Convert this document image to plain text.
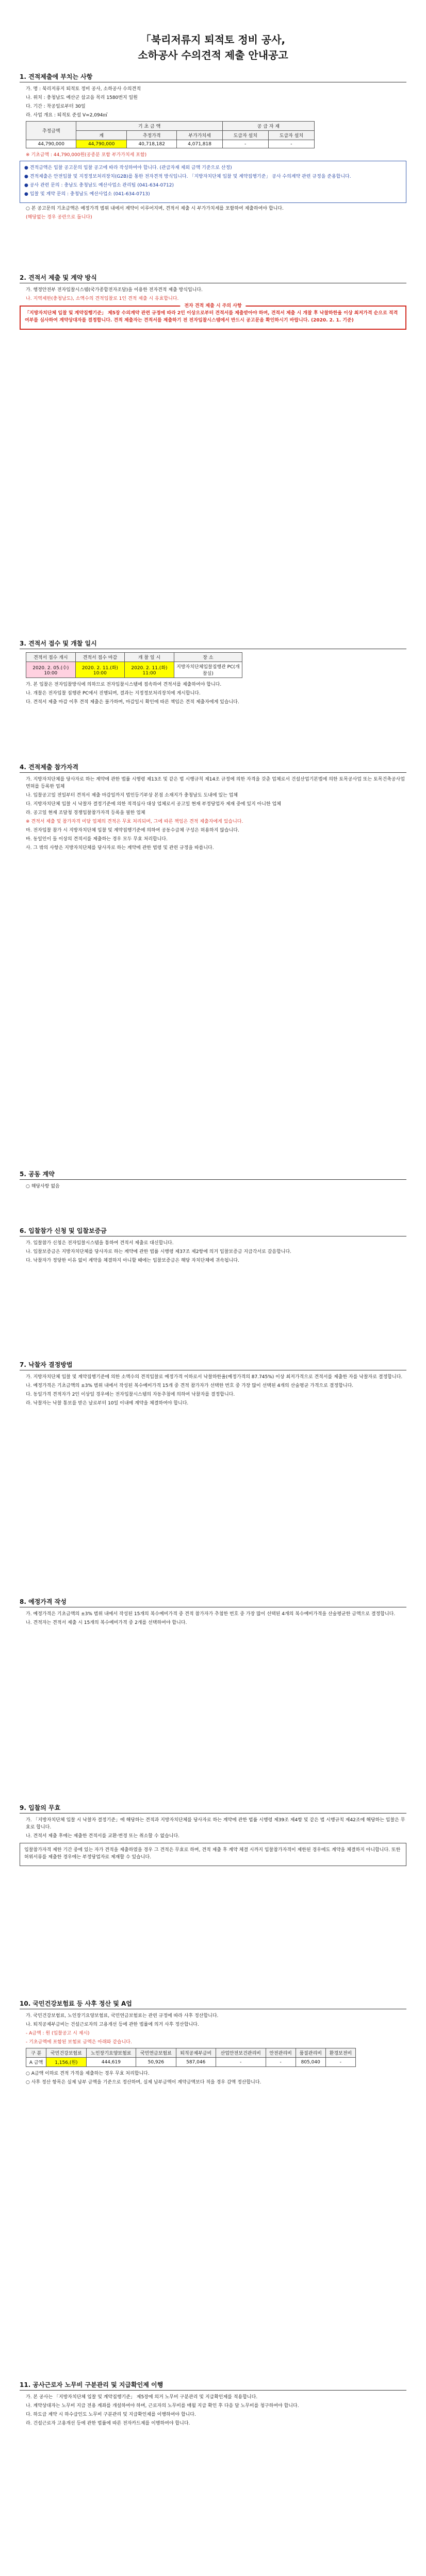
「북리저류지 퇴적토 정비 공사,
소하공사 수의견적 제출 안내공고
1. 견적제출에 부치는 사항
가. 명 : 북리저류지 퇴적토 정비 공사, 소하공사 수의견적
나. 위치 : 충청남도 예산군 삽교읍 목리 1580번지 일원
다. 기간 : 착공일로부터 30일
라. 사업 개요 : 퇴적토 준설 V=2,094㎥
추정금액	기 초 금 액			공 급 자 재	
	계	추정가격	부가가치세	도급자 설치	도급자 설치
44,790,000	44,790,000	40,718,182	4,071,818	-	-
※ 기초금액 : 44,790,000원(공종분 포함 부가가치세 포함)
● 견적금액은 입찰 공고문의 입찰 공고에 따라 작성하여야 합니다. (관급자재 제외 금액 기준으로 산정)
● 견적제출은 안전입찰 및 지정정보처리장치(G2B)를 통한 전자견적 방식입니다. 「지방자치단체 입찰 및 계약집행기준」 공사 수의계약 관련 규정을 준용합니다.
● 공사 관련 문의 : 충남도 충청남도 예산사업소 관리팀 (041-634-0712)
● 입찰 및 계약 문의 : 충청남도 예산사업소 (041-634-0713)
○ 본 공고문의 기초금액은 예정가격 범위 내에서 계약이 이루어지며, 견적서 제출 시 부가가치세를 포함하여 제출하여야 합니다.
(해당없는 경우 공란으로 둡니다)
2. 견적서 제출 및 계약 방식
가. 행정안전부 전자입찰시스템(국가종합전자조달)을 이용한 전자견적 제출 방식입니다.
나. 지역제한(충청남도), 소액수의 견적입찰로 1인 견적 제출 시 유효합니다.
전자 견적 제출 시 주의 사항
「지방자치단체 입찰 및 계약집행기준」 제5장 수의계약 관련 규정에 따라 2인 이상으로부터 견적서를 제출받아야 하며, 견적서 제출 시 개찰 후 낙찰하한율 이상 최저가격 순으로 적격 여부를 심사하여 계약상대자를 결정합니다. 견적 제출자는 견적서를 제출하기 전 전자입찰시스템에서 반드시 공고문을 확인하시기 바랍니다. (2020. 2. 1. 기준)
3. 견적서 접수 및 개찰 일시
견적서 접수 개시	견적서 접수 마감	개 찰 일 시	장 소
2020. 2. 05.(수) 10:00	2020. 2. 11.(화) 10:00	2020. 2. 11.(화) 11:00	지방자치단체입찰집행관 PC(개찰실)
가. 본 입찰은 전자입찰방식에 의하므로 전자입찰시스템에 접속하여 견적서를 제출하여야 합니다.
나. 개찰은 전자입찰 집행관 PC에서 진행되며, 결과는 지정정보처리장치에 게시합니다.
다. 견적서 제출 마감 이후 견적 제출은 불가하며, 마감일시 확인에 따른 책임은 견적 제출자에게 있습니다.
4. 견적제출 참가자격
가. 지방자치단체를 당사자로 하는 계약에 관한 법률 시행령 제13조 및 같은 법 시행규칙 제14조 규정에 의한 자격을 갖춘 업체로서 건설산업기본법에 의한 토목공사업 또는 토목건축공사업 면허를 등록한 업체
나. 입찰공고일 전일부터 견적서 제출 마감일까지 법인등기부상 본점 소재지가 충청남도 도내에 있는 업체
다. 지방자치단체 입찰 시 낙찰자 결정기준에 의한 적격심사 대상 업체로서 공고일 현재 부정당업자 제재 중에 있지 아니한 업체
라. 공고일 현재 조달청 경쟁입찰참가자격 등록을 필한 업체
※ 견적서 제출 및 참가자격 미달 업체의 견적은 무효 처리되며, 그에 따른 책임은 견적 제출자에게 있습니다.
마. 전자입찰 참가 시 지방자치단체 입찰 및 계약집행기준에 의하여 공동수급체 구성은 허용하지 않습니다.
바. 동일인이 둘 이상의 견적서를 제출하는 경우 모두 무효 처리합니다.
사. 그 밖의 사항은 지방자치단체를 당사자로 하는 계약에 관한 법령 및 관련 규정을 따릅니다.
5. 공동 계약
○ 해당사항 없음
6. 입찰참가 신청 및 입찰보증금
가. 입찰참가 신청은 전자입찰시스템을 통하여 견적서 제출로 대신합니다.
나. 입찰보증금은 지방자치단체를 당사자로 하는 계약에 관한 법률 시행령 제37조 제2항에 의거 입찰보증금 지급각서로 갈음합니다.
다. 낙찰자가 정당한 이유 없이 계약을 체결하지 아니할 때에는 입찰보증금은 해당 자치단체에 귀속됩니다.
7. 낙찰자 결정방법
가. 지방자치단체 입찰 및 계약집행기준에 의한 소액수의 견적입찰로 예정가격 이하로서 낙찰하한율(예정가격의 87.745%) 이상 최저가격으로 견적서를 제출한 자를 낙찰자로 결정합니다.
나. 예정가격은 기초금액의 ±3% 범위 내에서 작성된 복수예비가격 15개 중 견적 참가자가 선택한 번호 중 가장 많이 선택된 4개의 산술평균 가격으로 결정합니다.
다. 동일가격 견적자가 2인 이상일 경우에는 전자입찰시스템의 자동추첨에 의하여 낙찰자를 결정합니다.
라. 낙찰자는 낙찰 통보를 받은 날로부터 10일 이내에 계약을 체결하여야 합니다.
8. 예정가격 작성
가. 예정가격은 기초금액의 ±3% 범위 내에서 작성된 15개의 복수예비가격 중 견적 참가자가 추첨한 번호 중 가장 많이 선택된 4개의 복수예비가격을 산술평균한 금액으로 결정합니다.
나. 견적자는 견적서 제출 시 15개의 복수예비가격 중 2개를 선택하여야 합니다.
9. 입찰의 무효
가. 「지방자치단체 입찰 시 낙찰자 결정기준」에 해당하는 견적과 지방자치단체를 당사자로 하는 계약에 관한 법률 시행령 제39조 제4항 및 같은 법 시행규칙 제42조에 해당하는 입찰은 무효로 합니다.
나. 견적서 제출 후에는 제출한 견적서를 교환·변경 또는 취소할 수 없습니다.
입찰참가자격 제한 기간 중에 있는 자가 견적을 제출하였을 경우 그 견적은 무효로 하며, 견적 제출 후 계약 체결 시까지 입찰참가자격이 제한된 경우에도 계약을 체결하지 아니합니다. 또한 허위서류를 제출한 경우에는 부정당업자로 제재할 수 있습니다.
10. 국민건강보험료 등 사후 정산 및 A업
가. 국민건강보험료, 노인장기요양보험료, 국민연금보험료는 관련 규정에 따라 사후 정산합니다.
나. 퇴직공제부금비는 건설근로자의 고용개선 등에 관한 법률에 의거 사후 정산합니다.
- A금액 : 원 (입찰공고 시 제시)
- 기초금액에 포함된 보험료 금액은 아래와 같습니다.
구 분	국민건강보험료	노인장기요양보험료	국민연금보험료	퇴직공제부금비	산업안전보건관리비	안전관리비	품질관리비	환경보전비
A 금액	1,156,(원)	444,619	50,926	587,046	-	-	805,040	-
○ A금액 이하로 견적 가격을 제출하는 경우 무효 처리합니다.
○ 사후 정산 항목은 실제 납부 금액을 기준으로 정산하며, 실제 납부금액이 계약금액보다 적을 경우 감액 정산합니다.
11. 공사근로자 노무비 구분관리 및 지급확인제 이행
가. 본 공사는 「지방자치단체 입찰 및 계약집행기준」 제5장에 의거 노무비 구분관리 및 지급확인제를 적용합니다.
나. 계약상대자는 노무비 지급 전용 계좌를 개설하여야 하며, 근로자의 노무비를 매월 지급 확인 후 다음 달 노무비를 청구하여야 합니다.
다. 하도급 계약 시 하수급인도 노무비 구분관리 및 지급확인제를 이행하여야 합니다.
라. 건설근로자 고용개선 등에 관한 법률에 따른 전자카드제를 이행하여야 합니다.
